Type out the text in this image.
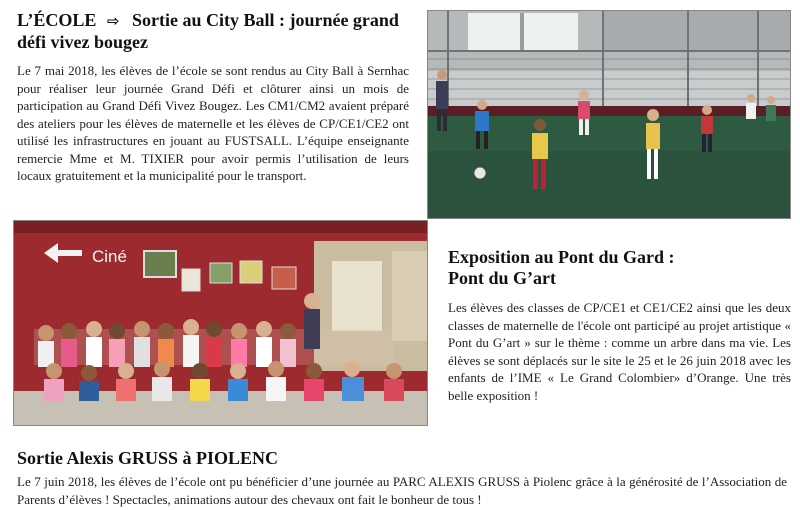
L’ÉCOLE ⇨ Sortie au City Ball : journée grand défi vivez bougez

Le 7 mai 2018, les élèves de l’école se sont rendus au City Ball à Sernhac pour réaliser leur journée Grand Défi et clôturer ainsi un mois de participation au Grand Défi Vivez Bougez. Les CM1/CM2 avaient préparé des ateliers pour les élèves de maternelle et les élèves de CP/CE1/CE2 ont utilisé les infrastructures en jouant au FUSTSALL. L’équipe enseignante remercie Mme et M. TIXIER pour avoir permis l’utilisation de leurs locaux gratuitement et la municipalité pour le transport.

Ciné	Exposition au Pont du Gard :
Pont du G’art

Les élèves des classes de CP/CE1 et CE1/CE2 ainsi que les deux classes de maternelle de l'école ont participé au projet artistique « Pont du G’art » sur le thème : comme un arbre dans ma vie. Les élèves se sont déplacés sur le site le 25 et le 26 juin 2018 avec les enfants de l’IME « Le Grand Colombier» d’Orange. Une très belle exposition !

Sortie Alexis GRUSS à PIOLENC

Le 7 juin 2018, les élèves de l’école ont pu bénéficier d’une journée au PARC ALEXIS GRUSS à Piolenc grâce à la générosité de l’Association de Parents d’élèves ! Spectacles, animations autour des chevaux ont fait le bonheur de tous !
